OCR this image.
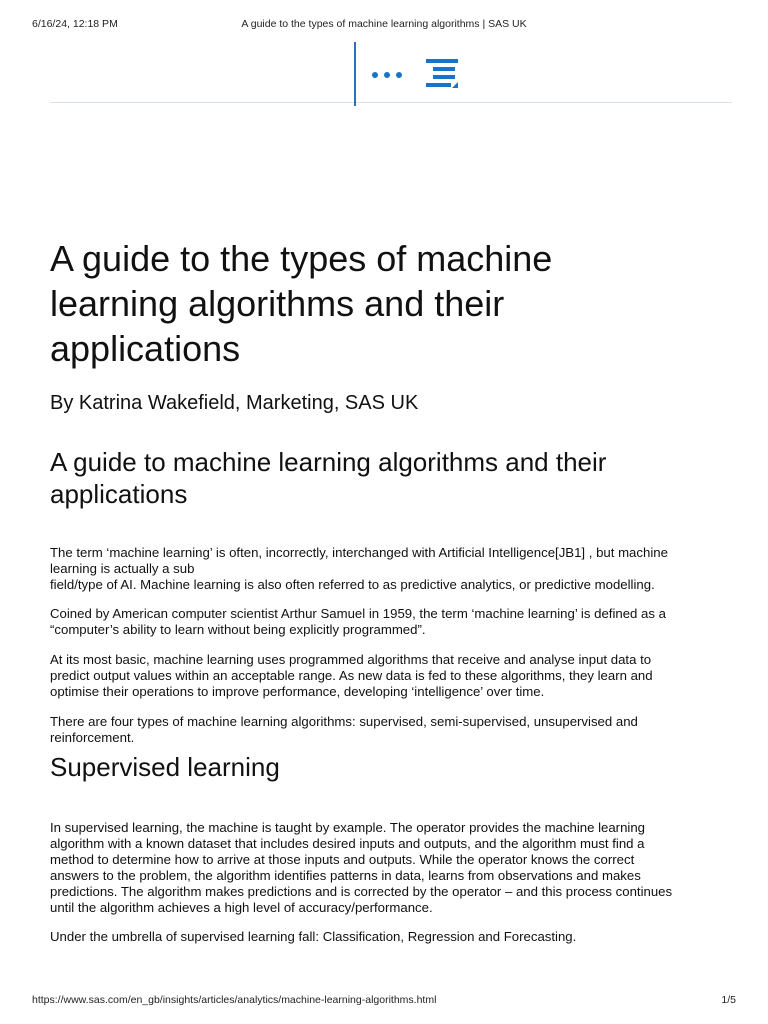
6/16/24, 12:18 PM	A guide to the types of machine learning algorithms | SAS UK
A guide to the types of machine learning algorithms and their applications

By Katrina Wakefield, Marketing, SAS UK

A guide to machine learning algorithms and their applications

The term ‘machine learning’ is often, incorrectly, interchanged with Artificial Intelligence[JB1] , but machine learning is actually a sub
field/type of AI. Machine learning is also often referred to as predictive analytics, or predictive modelling.

Coined by American computer scientist Arthur Samuel in 1959, the term ‘machine learning’ is defined as a “computer’s ability to learn without being explicitly programmed”.

At its most basic, machine learning uses programmed algorithms that receive and analyse input data to predict output values within an acceptable range. As new data is fed to these algorithms, they learn and optimise their operations to improve performance, developing ‘intelligence’ over time.

There are four types of machine learning algorithms: supervised, semi-supervised, unsupervised and reinforcement.

Supervised learning

In supervised learning, the machine is taught by example. The operator provides the machine learning algorithm with a known dataset that includes desired inputs and outputs, and the algorithm must find a method to determine how to arrive at those inputs and outputs. While the operator knows the correct answers to the problem, the algorithm identifies patterns in data, learns from observations and makes predictions. The algorithm makes predictions and is corrected by the operator – and this process continues until the algorithm achieves a high level of accuracy/performance.

Under the umbrella of supervised learning fall: Classification, Regression and Forecasting.

https://www.sas.com/en_gb/insights/articles/analytics/machine-learning-algorithms.html	1/5
